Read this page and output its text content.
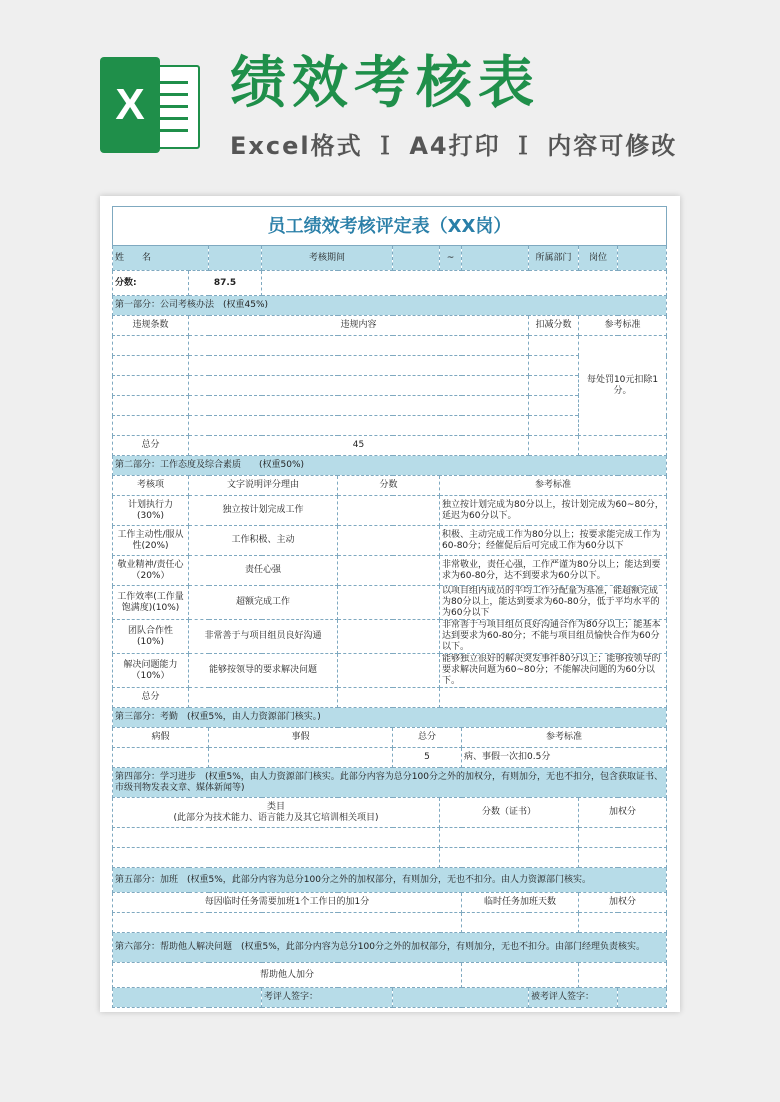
X 绩效考核表
Excel格式 Ｉ A4打印 Ｉ 内容可修改
员工绩效考核评定表（XX岗）										
姓　　名			考核期间			~		所属部门	岗位	
分数:	87.5									
第一部分：公司考核办法　(权重45%)										
违规条数	违规内容							扣减分数	参考标准	
									每处罚10元扣除1分。	

总分	45									
第二部分：工作态度及综合素质　　(权重50%)										
考核项	文字说明评分理由			分数		参考标准				
计划执行力(30%)	独立按计划完成工作					独立按计划完成为80分以上，按计划完成为60~80分，延迟为60分以下。				
工作主动性/服从性(20%)	工作积极、主动					积极、主动完成工作为80分以上；按要求能完成工作为60-80分；经催促后后可完成工作为60分以下				
敬业精神/责任心（20%）	责任心强					非常敬业，责任心强，工作严谨为80分以上；能达到要求为60-80分，达不到要求为60分以下。				
工作效率(工作量饱满度)(10%)	超额完成工作					以项目组内成员的平均工作分配量为基准，能超额完成为80分以上，能达到要求为60-80分，低于平均水平的为60分以下				
团队合作性(10%)	非常善于与项目组员良好沟通					非常善于与项目组员良好沟通合作为80分以上；能基本达到要求为60-80分；不能与项目组员愉快合作为60分以下。				
解决问题能力（10%）	能够按领导的要求解决问题					能够独立很好的解决突发事件80分以上；能够按领导的要求解决问题为60~80分；不能解决问题的为60分以下。				
总分										
第三部分：考勤　(权重5%，由人力资源部门核实。)										
病假		事假			总分		参考标准			
					5		病、事假一次扣0.5分			
第四部分：学习进步　(权重5%，由人力资源部门核实。此部分内容为总分100分之外的加权分，有则加分，无也不扣分，包含获取证书、市级刊物发表文章、媒体新闻等)										
类目
(此部分为技术能力、语言能力及其它培训相关项目)						分数（证书）			加权分	

第五部分：加班　(权重5%，此部分内容为总分100分之外的加权部分，有则加分，无也不扣分。由人力资源部门核实。										
每因临时任务需要加班1个工作日的加1分							临时任务加班天数		加权分	

第六部分：帮助他人解决问题　(权重5%，此部分内容为总分100分之外的加权部分，有则加分，无也不扣分。由部门经理负责核实。										
帮助他人加分										
			考评人签字：					被考评人签字：		
